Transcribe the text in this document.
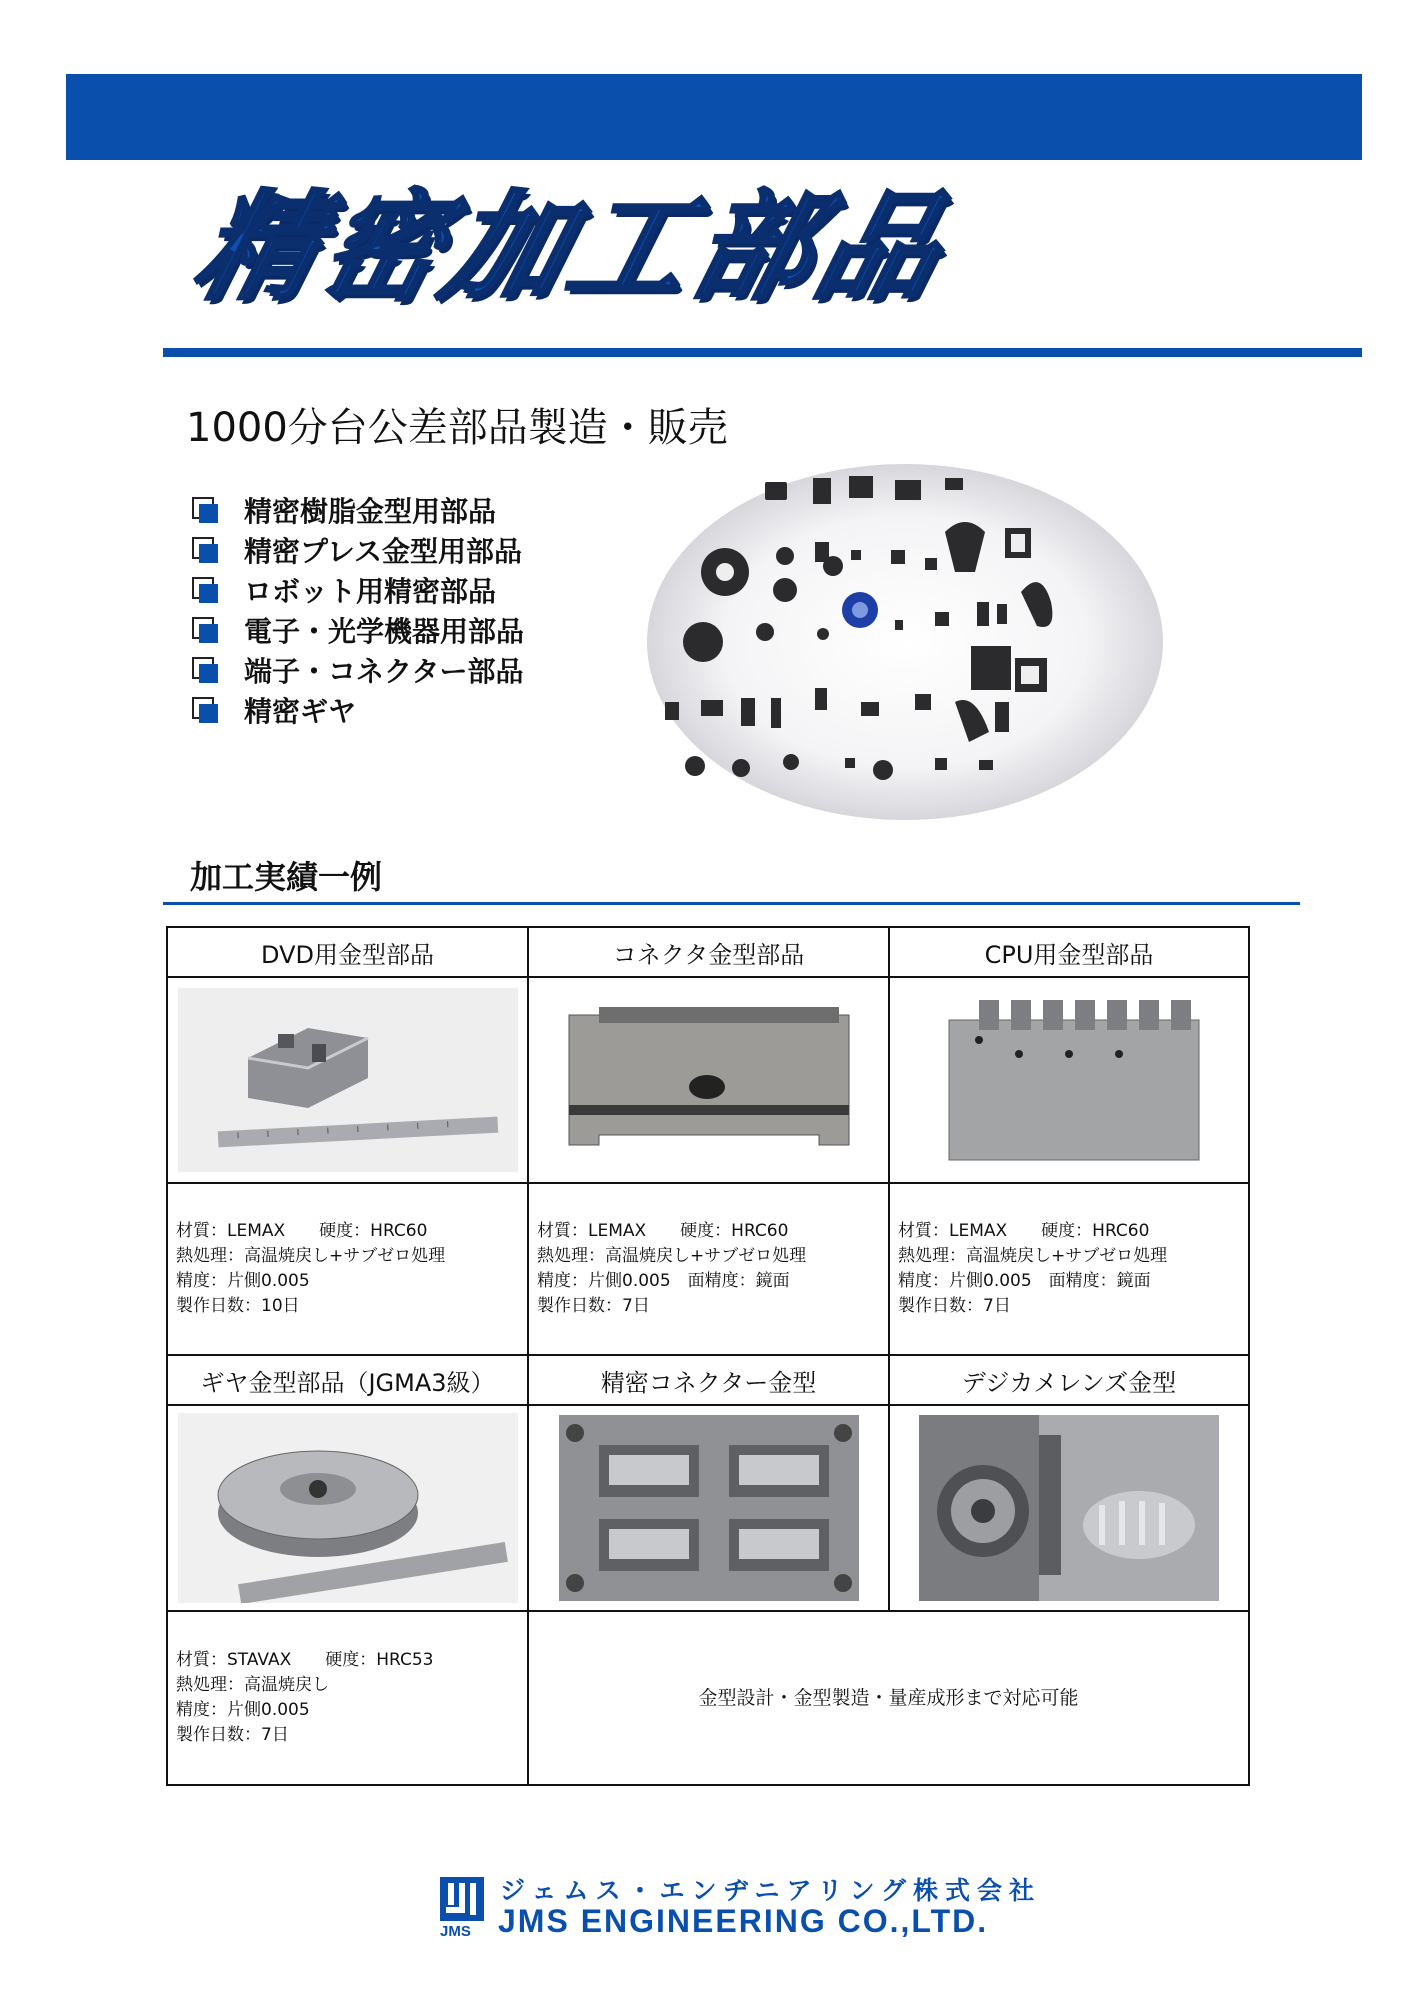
精密加工部品
1000分台公差部品製造・販売
精密樹脂金型用部品
精密プレス金型用部品
ロボット用精密部品
電子・光学機器用部品
端子・コネクター部品
精密ギヤ
加工実績一例
DVD用金型部品	コネクタ金型部品	CPU用金型部品

材質：LEMAX　　硬度：HRC60
熱処理：高温焼戻し+サブゼロ処理
精度：片側0.005
製作日数：10日	材質：LEMAX　　硬度：HRC60
熱処理：高温焼戻し+サブゼロ処理
精度：片側0.005　面精度：鏡面
製作日数：7日	材質：LEMAX　　硬度：HRC60
熱処理：高温焼戻し+サブゼロ処理
精度：片側0.005　面精度：鏡面
製作日数：7日

ギヤ金型部品（JGMA3級）	精密コネクター金型	デジカメレンズ金型

材質：STAVAX　　硬度：HRC53
熱処理：高温焼戻し
精度：片側0.005
製作日数：7日	金型設計・金型製造・量産成形まで対応可能	
JMS
ジェムス・エンヂニアリング株式会社
JMS ENGINEERING CO.,LTD.
